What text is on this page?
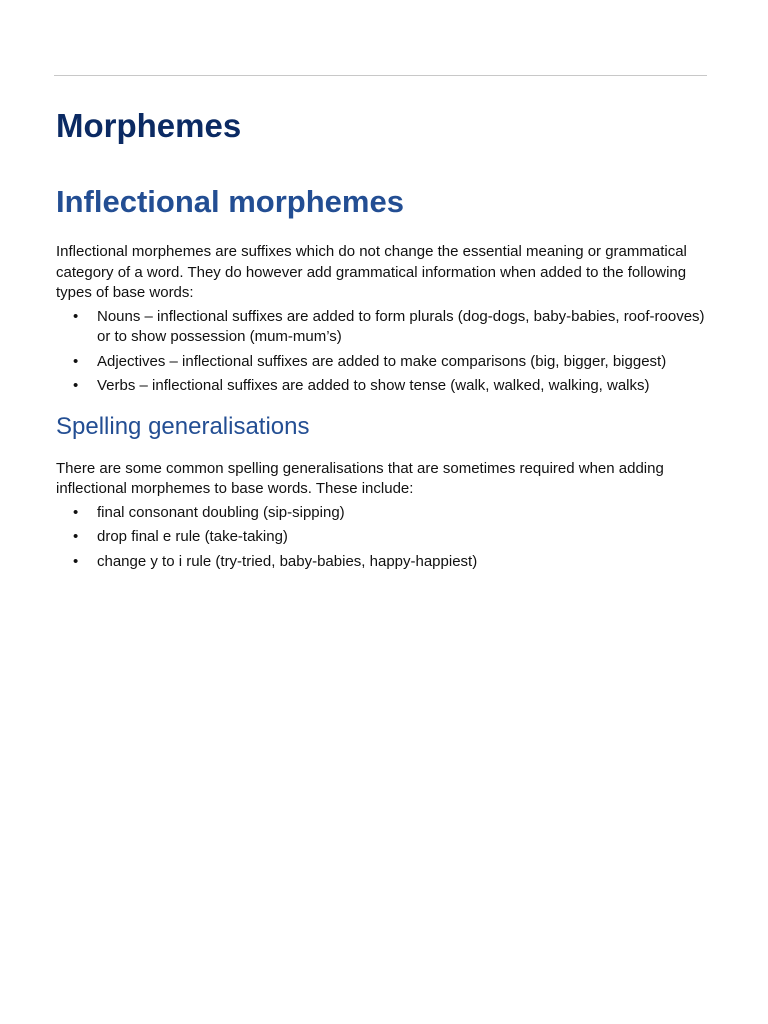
Morphemes
Inflectional morphemes

Inflectional morphemes are suffixes which do not change the essential meaning or grammatical category of a word. They do however add grammatical information when added to the following types of base words:

• Nouns – inflectional suffixes are added to form plurals (dog-dogs, baby-babies, roof-rooves) or to show possession (mum-mum’s)
• Adjectives – inflectional suffixes are added to make comparisons (big, bigger, biggest)
• Verbs – inflectional suffixes are added to show tense (walk, walked, walking, walks)
Spelling generalisations

There are some common spelling generalisations that are sometimes required when adding inflectional morphemes to base words. These include:

• final consonant doubling (sip-sipping)
• drop final e rule (take-taking)
• change y to i rule (try-tried, baby-babies, happy-happiest)
